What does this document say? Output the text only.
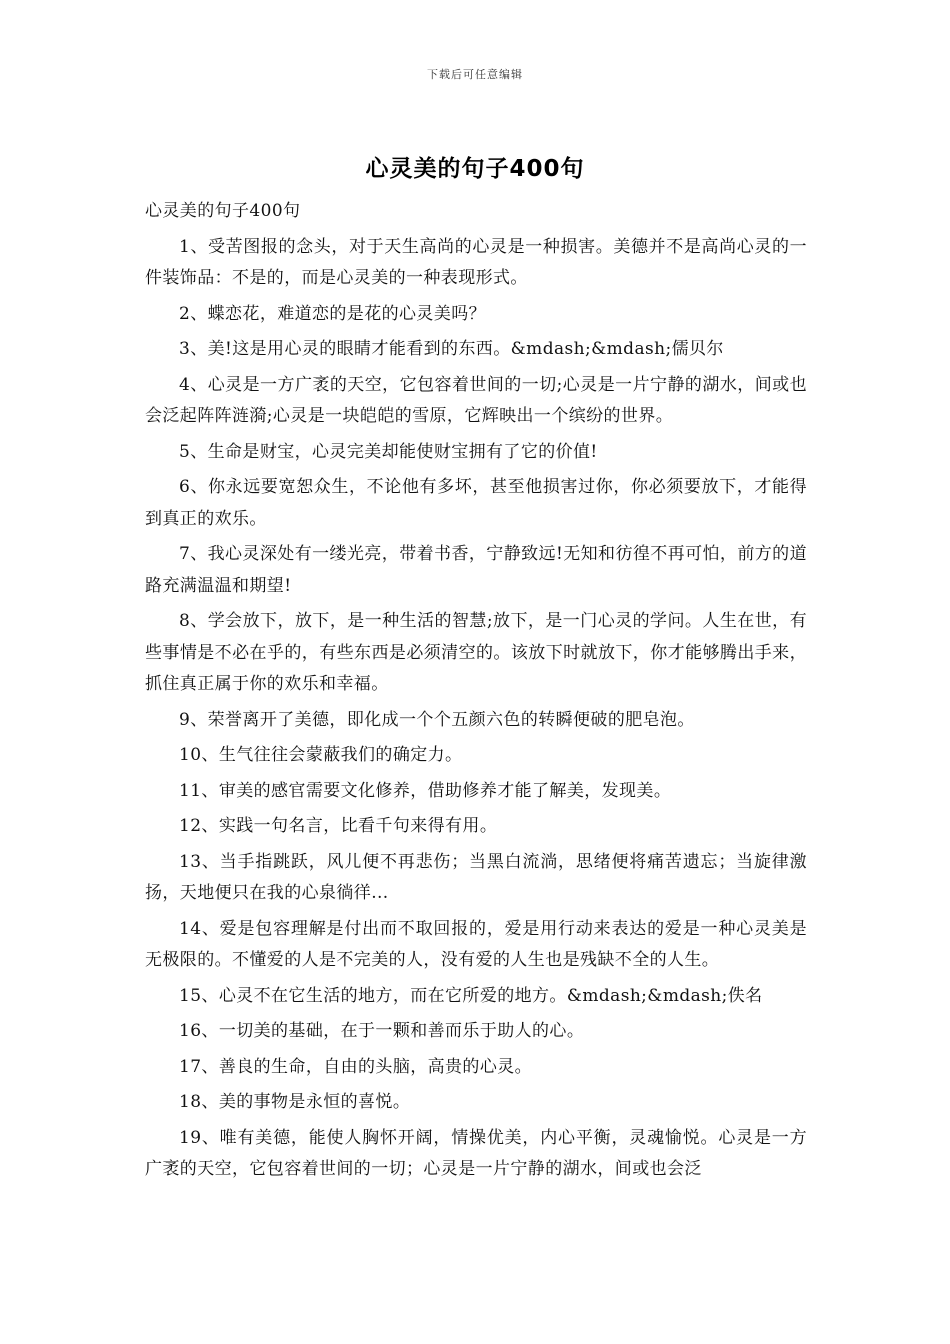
下载后可任意编辑
心灵美的句子400句

心灵美的句子400句

1、受苦图报的念头，对于天生高尚的心灵是一种损害。美德并不是高尚心灵的一件装饰品：不是的，而是心灵美的一种表现形式。

2、蝶恋花，难道恋的是花的心灵美吗？

3、美!这是用心灵的眼睛才能看到的东西。&mdash;&mdash;儒贝尔

4、心灵是一方广袤的天空，它包容着世间的一切;心灵是一片宁静的湖水，间或也会泛起阵阵涟漪;心灵是一块皑皑的雪原，它辉映出一个缤纷的世界。

5、生命是财宝，心灵完美却能使财宝拥有了它的价值!

6、你永远要宽恕众生，不论他有多坏，甚至他损害过你，你必须要放下，才能得到真正的欢乐。

7、我心灵深处有一缕光亮，带着书香，宁静致远!无知和彷徨不再可怕，前方的道路充满温温和期望!

8、学会放下，放下，是一种生活的智慧;放下，是一门心灵的学问。人生在世，有些事情是不必在乎的，有些东西是必须清空的。该放下时就放下，你才能够腾出手来，抓住真正属于你的欢乐和幸福。

9、荣誉离开了美德，即化成一个个五颜六色的转瞬便破的肥皂泡。

10、生气往往会蒙蔽我们的确定力。

11、审美的感官需要文化修养，借助修养才能了解美，发现美。

12、实践一句名言，比看千句来得有用。

13、当手指跳跃，风儿便不再悲伤；当黑白流淌，思绪便将痛苦遗忘；当旋律激扬，天地便只在我的心泉徜徉...

14、爱是包容理解是付出而不取回报的，爱是用行动来表达的爱是一种心灵美是无极限的。不懂爱的人是不完美的人，没有爱的人生也是残缺不全的人生。

15、心灵不在它生活的地方，而在它所爱的地方。&mdash;&mdash;佚名

16、一切美的基础，在于一颗和善而乐于助人的心。

17、善良的生命，自由的头脑，高贵的心灵。

18、美的事物是永恒的喜悦。

19、唯有美德，能使人胸怀开阔，情操优美，内心平衡，灵魂愉悦。心灵是一方广袤的天空，它包容着世间的一切；心灵是一片宁静的湖水，间或也会泛
